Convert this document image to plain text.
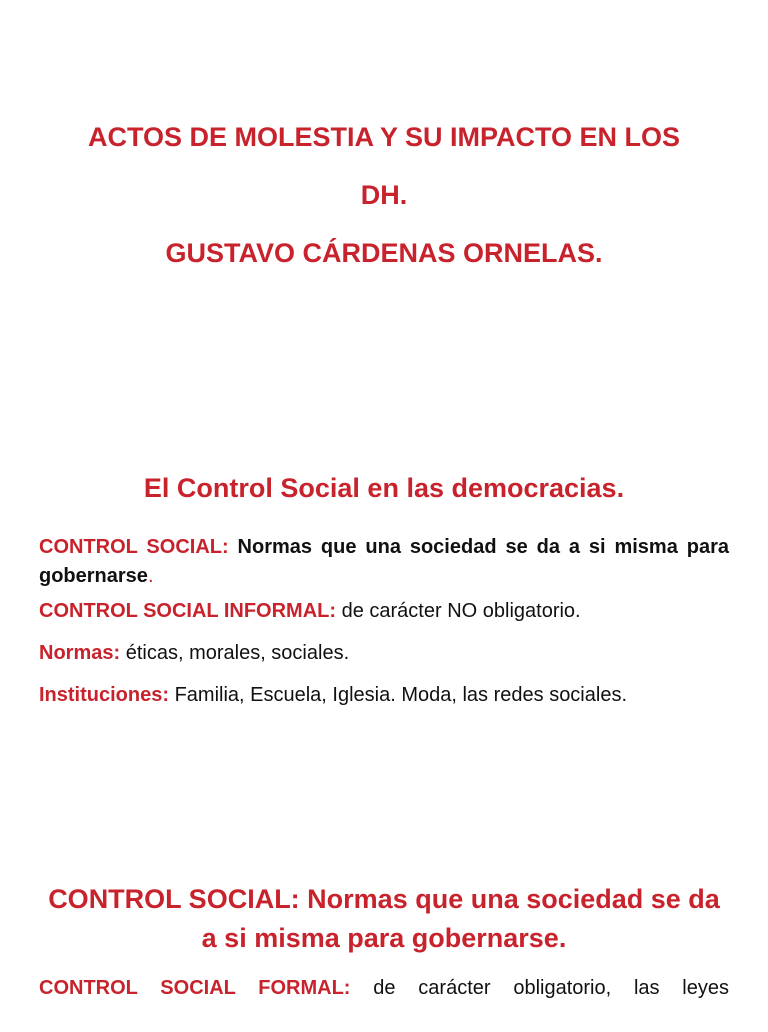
ACTOS DE MOLESTIA Y SU IMPACTO EN LOS

DH.

GUSTAVO CÁRDENAS ORNELAS.

El Control Social en las democracias.

CONTROL SOCIAL: Normas que una sociedad se da a si misma para gobernarse.

CONTROL SOCIAL INFORMAL: de carácter NO obligatorio.

Normas: éticas, morales, sociales.

Instituciones: Familia, Escuela, Iglesia. Moda, las redes sociales.

CONTROL SOCIAL: Normas que una sociedad se da a si misma para gobernarse.

CONTROL SOCIAL FORMAL: de carácter obligatorio, las leyes
